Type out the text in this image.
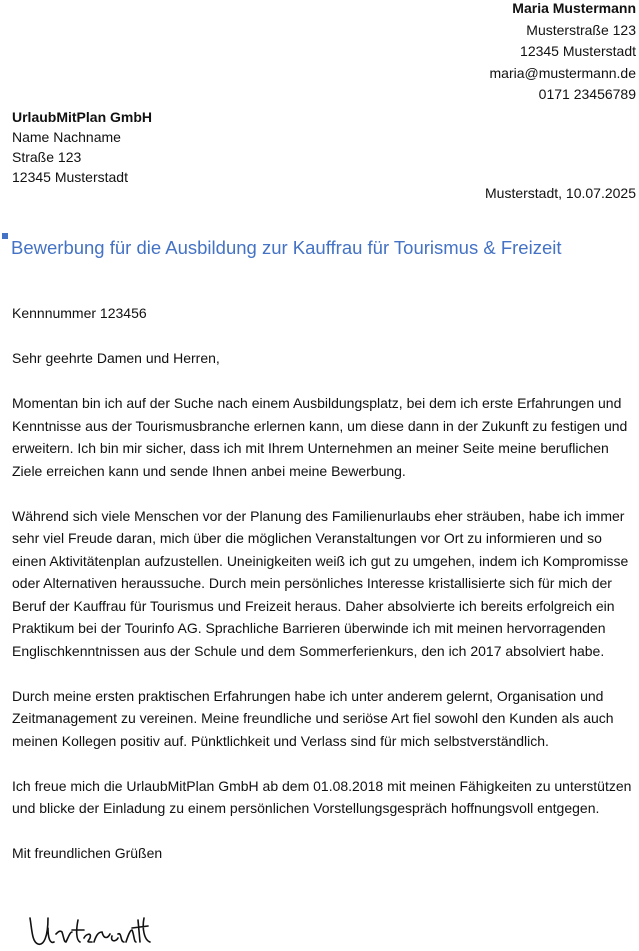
Maria Mustermann
Musterstraße 123
12345 Musterstadt
maria@mustermann.de
0171 23456789
UrlaubMitPlan GmbH
Name Nachname
Straße 123
12345 Musterstadt
Musterstadt, 10.07.2025
Bewerbung für die Ausbildung zur Kauffrau für Tourismus & Freizeit

Kennnummer 123456

Sehr geehrte Damen und Herren,

Momentan bin ich auf der Suche nach einem Ausbildungsplatz, bei dem ich erste Erfahrungen und Kenntnisse aus der Tourismusbranche erlernen kann, um diese dann in der Zukunft zu festigen und erweitern. Ich bin mir sicher, dass ich mit Ihrem Unternehmen an meiner Seite meine beruflichen Ziele erreichen kann und sende Ihnen anbei meine Bewerbung.

Während sich viele Menschen vor der Planung des Familienurlaubs eher sträuben, habe ich immer sehr viel Freude daran, mich über die möglichen Veranstaltungen vor Ort zu informieren und so einen Aktivitätenplan aufzustellen. Uneinigkeiten weiß ich gut zu umgehen, indem ich Kompromisse oder Alternativen heraussuche. Durch mein persönliches Interesse kristallisierte sich für mich der Beruf der Kauffrau für Tourismus und Freizeit heraus. Daher absolvierte ich bereits erfolgreich ein Praktikum bei der Tourinfo AG. Sprachliche Barrieren überwinde ich mit meinen hervorragenden Englischkenntnissen aus der Schule und dem Sommerferienkurs, den ich 2017 absolviert habe.

Durch meine ersten praktischen Erfahrungen habe ich unter anderem gelernt, Organisation und Zeitmanagement zu vereinen. Meine freundliche und seriöse Art fiel sowohl den Kunden als auch meinen Kollegen positiv auf. Pünktlichkeit und Verlass sind für mich selbstverständlich.

Ich freue mich die UrlaubMitPlan GmbH ab dem 01.08.2018 mit meinen Fähigkeiten zu unterstützen und blicke der Einladung zu einem persönlichen Vorstellungsgespräch hoffnungsvoll entgegen.

Mit freundlichen Grüßen
